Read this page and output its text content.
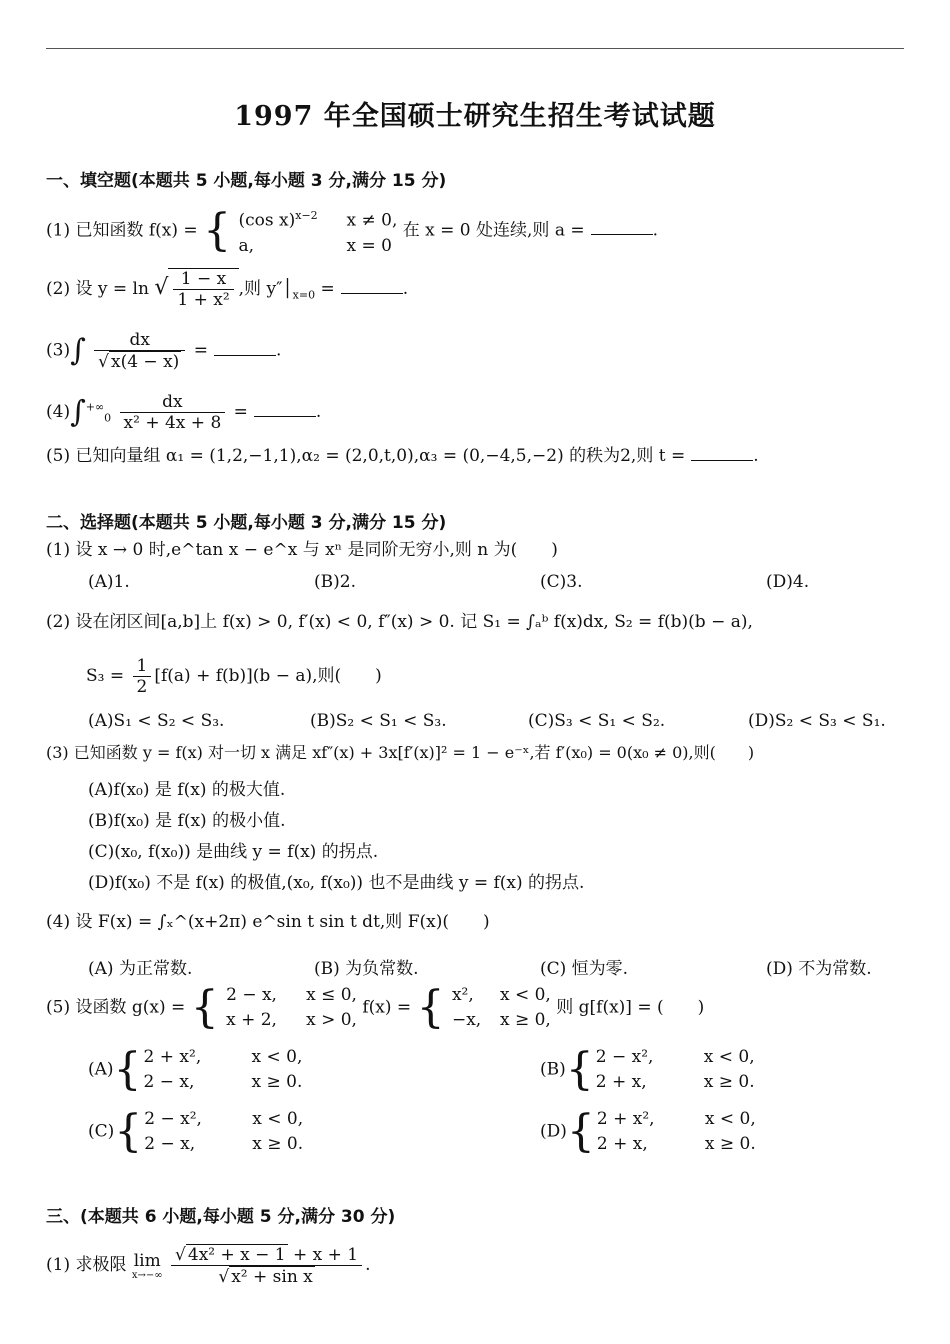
1997 年全国硕士研究生招生考试试题
一、填空题(本题共 5 小题,每小题 3 分,满分 15 分)
(1) 已知函数 f(x) = { (cos x)$^{x-2}$ x ≠ 0,
a,	x = 0
在 x = 0 处连续,则 a =	.
(2) 设 y = ln √ $\frac{1 - x}{\text{1 + x²}}$ ,则 $y''│_{x=0}$ =	.
$(3)\int \frac{dx}{√ x(4 - x)}$ =	.
$(4)\int^{+\infty}_0 \frac{dx}{\text{x² + 4x + 8}}$ =	.
(5) 已知向量组 α₁ = (1,2,−1,1),α₂ = (2,0,t,0),α₃ = (0,−4,5,−2) 的秩为2,则 t =	.
二、选择题(本题共 5 小题,每小题 3 分,满分 15 分)
(1) 设 x → 0 时,e^tan x − e^x 与 xⁿ 是同阶无穷小,则 n 为(　　)
(A)1.	(B)2.	(C)3.	(D)4.
(2) 设在闭区间[a,b]上 f(x) > 0, f′(x) < 0, f″(x) > 0. 记 S₁ = ∫ₐᵇ f(x)dx, S₂ = f(b)(b − a),
$S_3 = \frac{1}{2} [f(a) + f(b)](b - a)$,则(　　)
(A)S₁ < S₂ < S₃.	(B)S₂ < S₁ < S₃.	(C)S₃ < S₁ < S₂.	(D)S₂ < S₃ < S₁.
(3) 已知函数 y = f(x) 对一切 x 满足 xf″(x) + 3x[f′(x)]² = 1 − e⁻ˣ,若 f′(x₀) = 0(x₀ ≠ 0),则(　　)
(A)f(x₀) 是 f(x) 的极大值.
(B)f(x₀) 是 f(x) 的极小值.
(C)(x₀, f(x₀)) 是曲线 y = f(x) 的拐点.
(D)f(x₀) 不是 f(x) 的极值,(x₀, f(x₀)) 也不是曲线 y = f(x) 的拐点.
(4) 设 F(x) = ∫ₓ^(x+2π) e^sin t sin t dt,则 F(x)(　　)
(A) 为正常数.	(B) 为负常数.	(C) 恒为零.	(D) 不为常数.
(5) 设函数 g(x) = { 2 − x, x ≤ 0,
x + 2, x > 0,
f(x) = { x², x < 0,
−x, x ≥ 0,
则 g[f(x)] = (　　)
(A){ 2 + x²,	x < 0,
2 − x,	x ≥ 0.
(B){ 2 − x²,	x < 0,
2 + x,	x ≥ 0.
(C){ 2 − x²,	x < 0,
2 − x,	x ≥ 0.
(D){ 2 + x²,	x < 0,
2 + x,	x ≥ 0.
三、(本题共 6 小题,每小题 5 分,满分 30 分)
(1) 求极限 lim
x→−∞
$\frac{\text{√ 4x² + x − 1 + x + 1}}{\text{√ x² + sin x}}$ .
